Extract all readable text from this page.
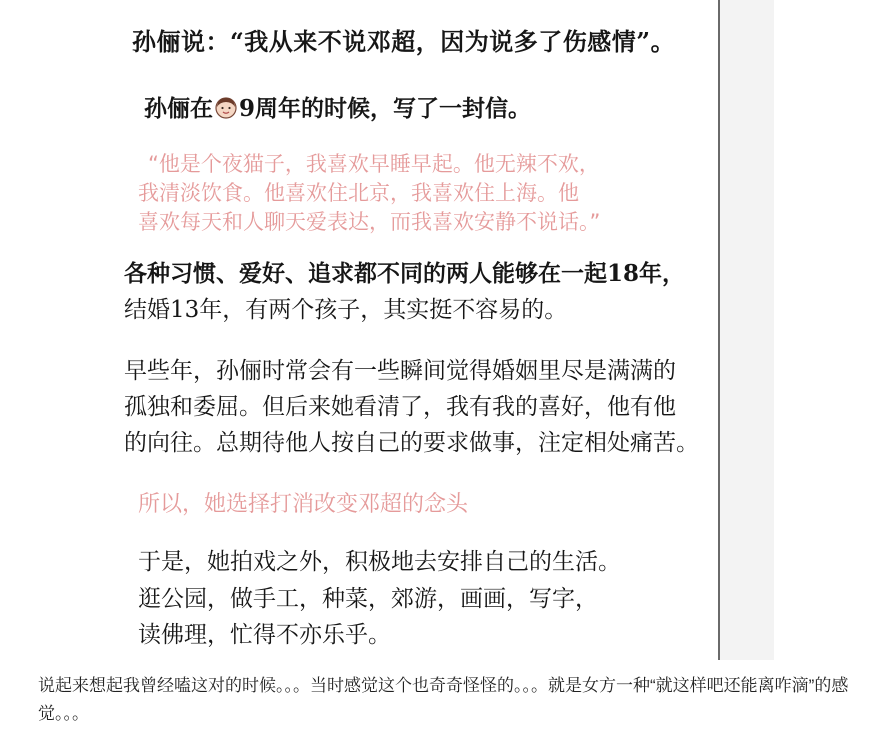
孙俪说：“我从来不说邓超，因为说多了伤感情”。
孙俪在 9周年的时候，写了一封信。
“他是个夜猫子，我喜欢早睡早起。他无辣不欢，
我清淡饮食。他喜欢住北京，我喜欢住上海。他
喜欢每天和人聊天爱表达，而我喜欢安静不说话。”
各种习惯、爱好、追求都不同的两人能够在一起18年，
结婚13年，有两个孩子，其实挺不容易的。
早些年，孙俪时常会有一些瞬间觉得婚姻里尽是满满的
孤独和委屈。但后来她看清了，我有我的喜好，他有他
的向往。总期待他人按自己的要求做事，注定相处痛苦。
所以，她选择打消改变邓超的念头
于是，她拍戏之外，积极地去安排自己的生活。
逛公园，做手工，种菜，郊游，画画，写字，
读佛理，忙得不亦乐乎。
说起来想起我曾经嗑这对的时候。。。当时感觉这个也奇奇怪怪的。。。就是女方一种“就这样吧还能离咋滴”的感觉。。。
